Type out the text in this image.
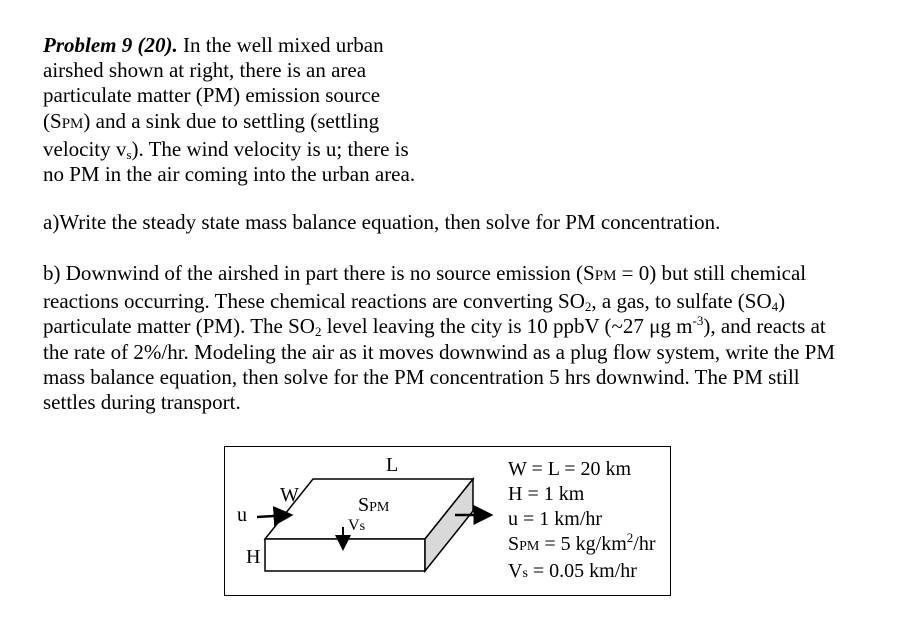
Problem 9 (20). In the well mixed urban
airshed shown at right, there is an area
particulate matter (PM) emission source
(SPM) and a sink due to settling (settling
velocity $v_s$). The wind velocity is u; there is
no PM in the air coming into the urban area.
a)Write the steady state mass balance equation, then solve for PM concentration.
b) Downwind of the airshed in part there is no source emission (SPM = 0) but still chemical
reactions occurring. These chemical reactions are converting $SO_2$, a gas, to sulfate $(SO_4)$
particulate matter (PM). The $SO_2$ level leaving the city is 10 ppbV (~27 μg $m^{-3}$), and reacts at
the rate of 2%/hr. Modeling the air as it moves downwind as a plug flow system, write the PM
mass balance equation, then solve for the PM concentration 5 hrs downwind. The PM still
settles during transport.
L
W
u
H
SPM
Vs
W = L = 20 km
H = 1 km
u = 1 km/hr
SPM = 5 $kg/km^2/hr$
Vs = 0.05 km/hr
